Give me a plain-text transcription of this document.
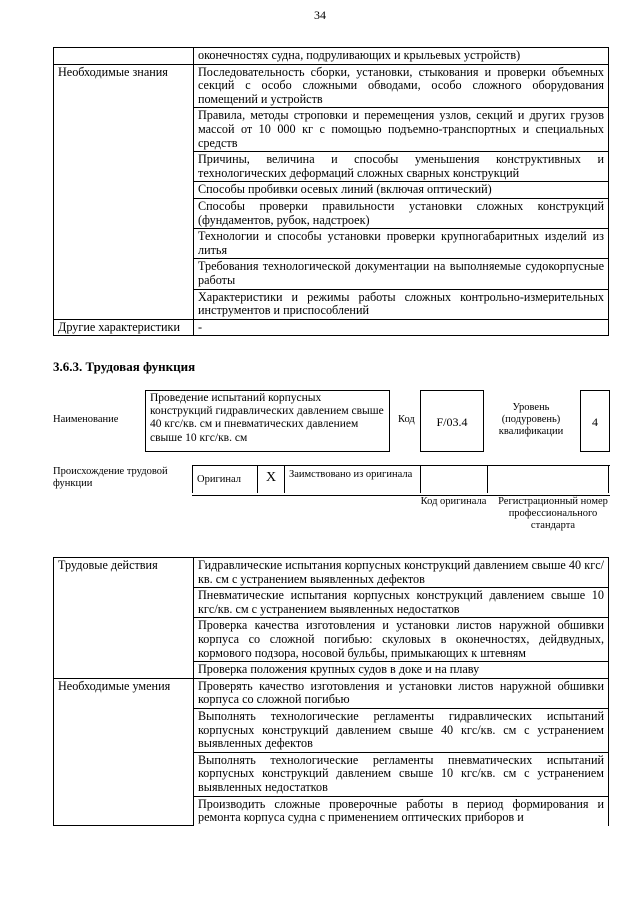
34
	оконечностях судна, подруливающих и крыльевых устройств)
Необходимые знания	Последовательность сборки, установки, стыкования и проверки объемных секций с особо сложными обводами, особо сложного оборудования помещений и устройств
	Правила, методы строповки и перемещения узлов, секций и других грузов массой от 10 000 кг с помощью подъемно-транспортных и специальных средств
	Причины, величина и способы уменьшения конструктивных и технологических деформаций сложных сварных конструкций
	Способы пробивки осевых линий (включая оптический)
	Способы проверки правильности установки сложных конструкций (фундаментов, рубок, надстроек)
	Технологии и способы установки проверки крупногабаритных изделий из литья
	Требования технологической документации на выполняемые судокорпусные работы
	Характеристики и режимы работы сложных контрольно-измерительных инструментов и приспособлений
Другие характеристики	-
3.6.3. Трудовая функция
Наименование
Проведение испытаний корпусных конструкций гидравлических давлением свыше 40 кгс/кв. см и пневматических давлением свыше 10 кгс/кв. см
Код	F/03.4
Уровень (подуровень) квалификации
4
Происхождение трудовой функции	Оригинал	X	Заимствовано из оригинала
Код оригинала	Регистрационный номер профессионального стандарта
Трудовые действия	Гидравлические испытания корпусных конструкций давлением свыше 40 кгс/кв. см с устранением выявленных дефектов
	Пневматические испытания корпусных конструкций давлением свыше 10 кгс/кв. см с устранением выявленных недостатков
	Проверка качества изготовления и установки листов наружной обшивки корпуса со сложной погибью: скуловых в оконечностях, дейдвудных, кормового подзора, носовой бульбы, примыкающих к штевням
	Проверка положения крупных судов в доке и на плаву
Необходимые умения	Проверять качество изготовления и установки листов наружной обшивки корпуса со сложной погибью
	Выполнять технологические регламенты гидравлических испытаний корпусных конструкций давлением свыше 40 кгс/кв. см с устранением выявленных дефектов
	Выполнять технологические регламенты пневматических испытаний корпусных конструкций давлением свыше 10 кгс/кв. см с устранением выявленных недостатков
	Производить сложные проверочные работы в период формирования и ремонта корпуса судна с применением оптических приборов и
